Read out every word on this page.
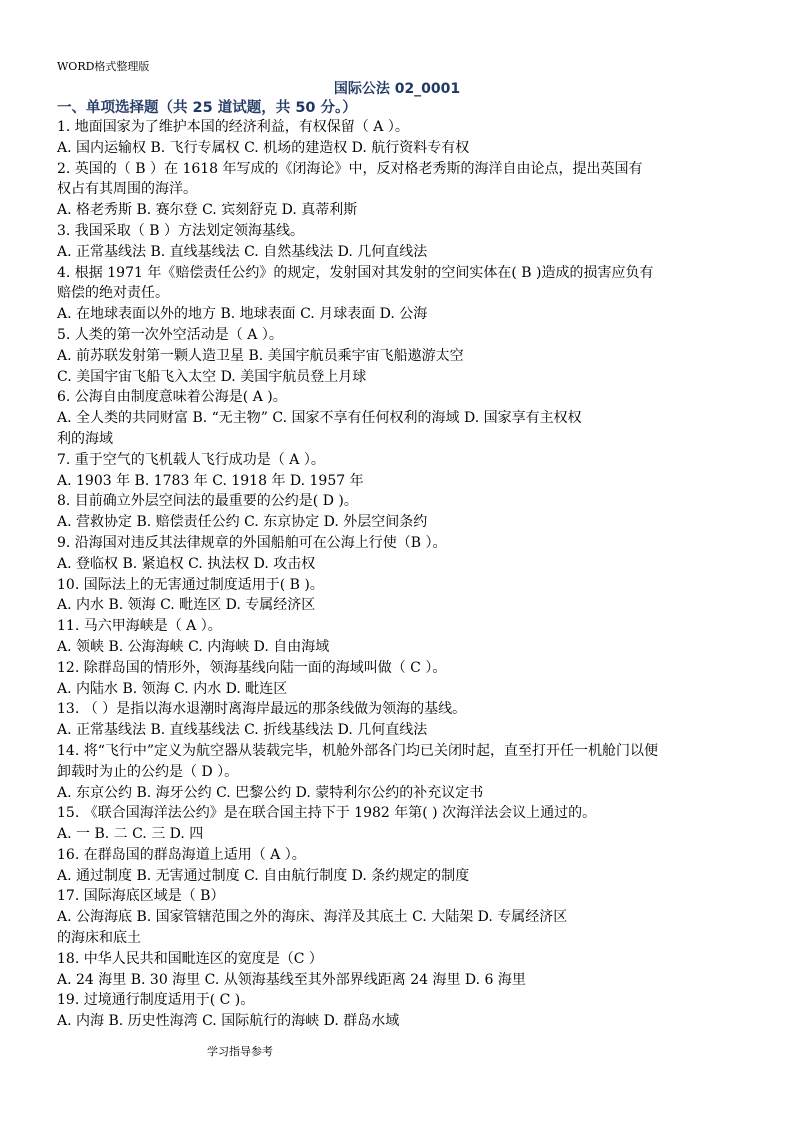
WORD格式整理版
国际公法 02_0001
一、单项选择题（共 25 道试题，共 50 分。）
1. 地面国家为了维护本国的经济利益，有权保留（ A ）。
A. 国内运输权 B. 飞行专属权 C. 机场的建造权 D. 航行资料专有权
2. 英国的（ B ）在 1618 年写成的《闭海论》中，反对格老秀斯的海洋自由论点，提出英国有
权占有其周围的海洋。
A. 格老秀斯 B. 赛尔登 C. 宾刻舒克 D. 真蒂利斯
3. 我国采取（ B ）方法划定领海基线。
A. 正常基线法 B. 直线基线法 C. 自然基线法 D. 几何直线法
4. 根据 1971 年《赔偿责任公约》的规定，发射国对其发射的空间实体在( B )造成的损害应负有
赔偿的绝对责任。
A. 在地球表面以外的地方 B. 地球表面 C. 月球表面 D. 公海
5. 人类的第一次外空活动是（ A ）。
A. 前苏联发射第一颗人造卫星 B. 美国宇航员乘宇宙飞船遨游太空
C. 美国宇宙飞船飞入太空 D. 美国宇航员登上月球
6. 公海自由制度意味着公海是( A )。
A. 全人类的共同财富 B. “无主物” C. 国家不享有任何权利的海域 D. 国家享有主权权
利的海域
7. 重于空气的飞机载人飞行成功是（ A ）。
A. 1903 年 B. 1783 年 C. 1918 年 D. 1957 年
8. 目前确立外层空间法的最重要的公约是( D )。
A. 营救协定 B. 赔偿责任公约 C. 东京协定 D. 外层空间条约
9. 沿海国对违反其法律规章的外国船舶可在公海上行使（B ）。
A. 登临权 B. 紧追权 C. 执法权 D. 攻击权
10. 国际法上的无害通过制度适用于( B )。
A. 内水 B. 领海 C. 毗连区 D. 专属经济区
11. 马六甲海峡是（ A ）。
A. 领峡 B. 公海海峡 C. 内海峡 D. 自由海域
12. 除群岛国的情形外，领海基线向陆一面的海域叫做（ C ）。
A. 内陆水 B. 领海 C. 内水 D. 毗连区
13. （ ）是指以海水退潮时离海岸最远的那条线做为领海的基线。
A. 正常基线法 B. 直线基线法 C. 折线基线法 D. 几何直线法
14. 将“飞行中”定义为航空器从装载完毕，机舱外部各门均已关闭时起，直至打开任一机舱门以便
卸载时为止的公约是（ D ）。
A. 东京公约 B. 海牙公约 C. 巴黎公约 D. 蒙特利尔公约的补充议定书
15. 《联合国海洋法公约》是在联合国主持下于 1982 年第( ) 次海洋法会议上通过的。
A. 一 B. 二 C. 三 D. 四
16. 在群岛国的群岛海道上适用（ A ）。
A. 通过制度 B. 无害通过制度 C. 自由航行制度 D. 条约规定的制度
17. 国际海底区域是（ B）
A. 公海海底 B. 国家管辖范围之外的海床、海洋及其底土 C. 大陆架 D. 专属经济区
的海床和底土
18. 中华人民共和国毗连区的宽度是（C ）
A. 24 海里 B. 30 海里 C. 从领海基线至其外部界线距离 24 海里 D. 6 海里
19. 过境通行制度适用于( C )。
A. 内海 B. 历史性海湾 C. 国际航行的海峡 D. 群岛水域
学习指导参考
